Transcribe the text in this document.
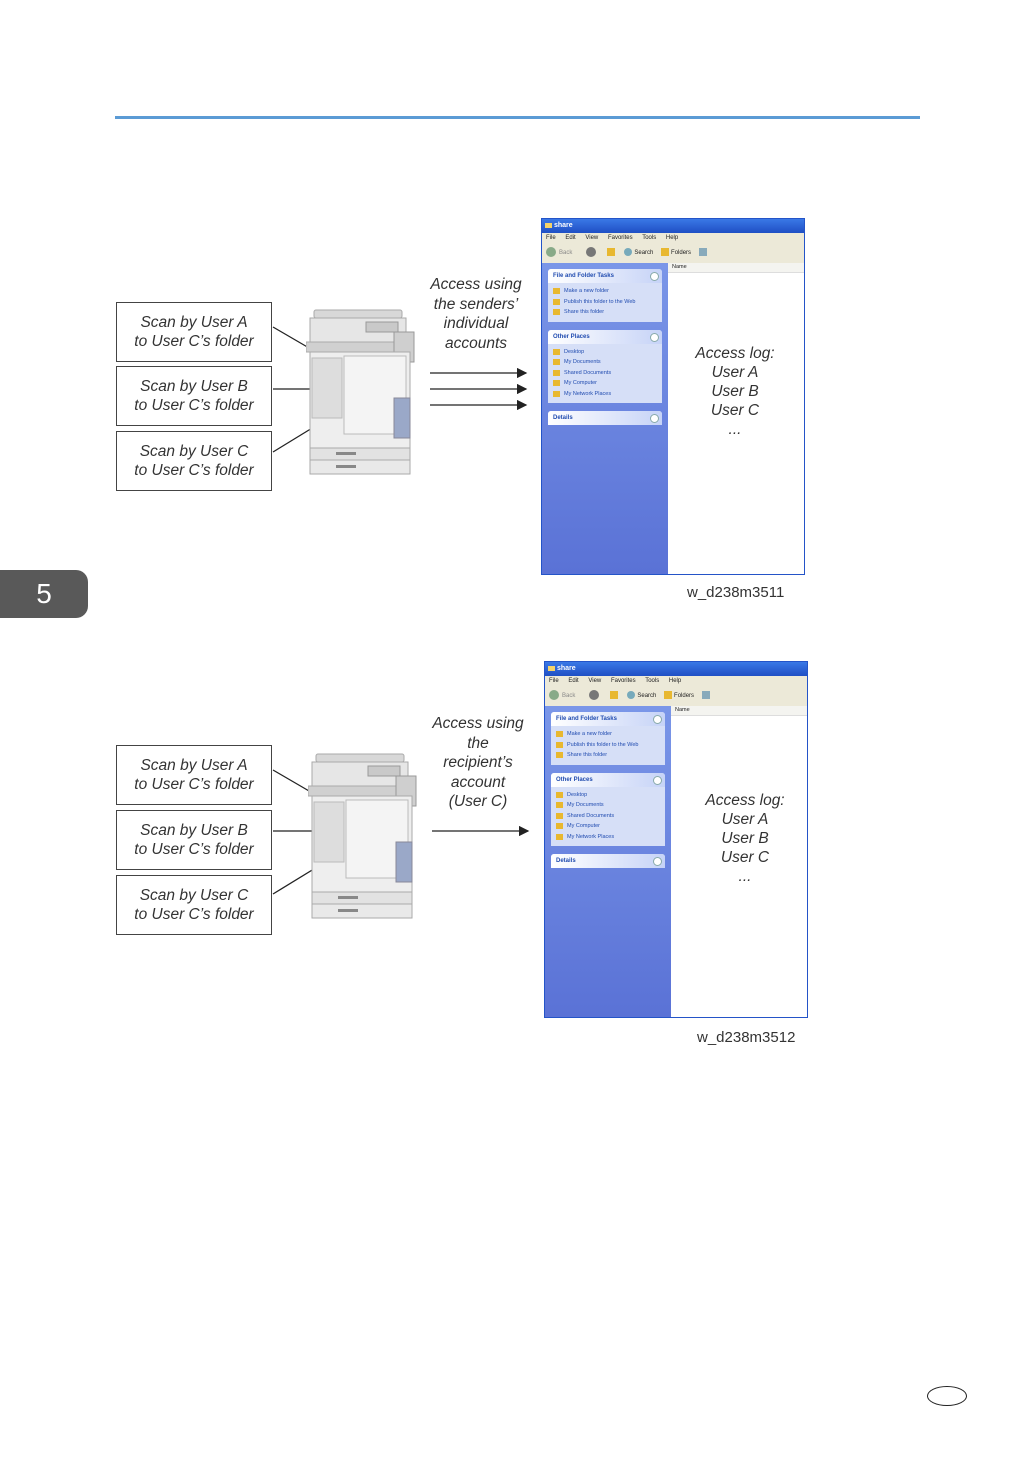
5
Scan by User A
to User C’s folder
Scan by User B
to User C’s folder
Scan by User C
to User C’s folder
Access using
the senders’
individual
accounts
share
File Edit View Favorites Tools Help
Back	Search	Folders
File and Folder Tasks
Make a new folder
Publish this folder to the Web
Share this folder
Other Places
Desktop
My Documents
Shared Documents
My Computer
My Network Places
Details
Name
Access log:
User A
User B
User C
...
w_d238m3511
Scan by User A
to User C’s folder
Scan by User B
to User C’s folder
Scan by User C
to User C’s folder
Access using
the
recipient’s
account
(User C)
share
File Edit View Favorites Tools Help
Back	Search	Folders
File and Folder Tasks
Make a new folder
Publish this folder to the Web
Share this folder
Other Places
Desktop
My Documents
Shared Documents
My Computer
My Network Places
Details
Name
Access log:
User A
User B
User C
...
w_d238m3512
